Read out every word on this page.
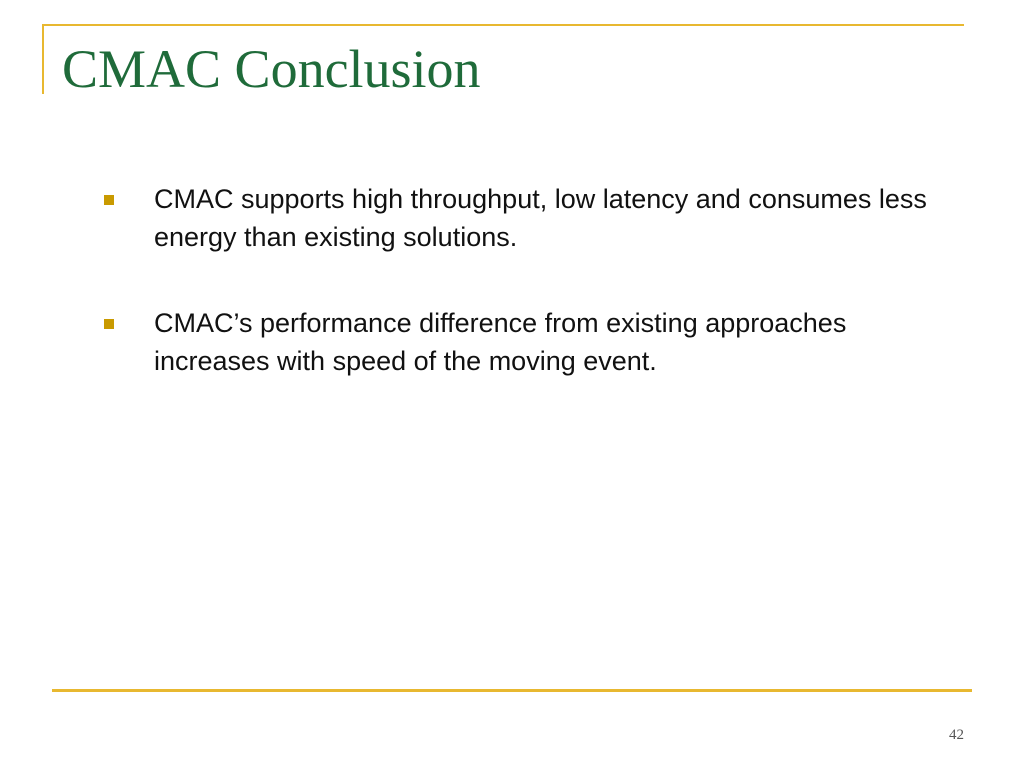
CMAC Conclusion
CMAC supports high throughput, low latency and consumes less energy than existing solutions.
CMAC’s performance difference from existing approaches increases with speed of the moving event.
42
